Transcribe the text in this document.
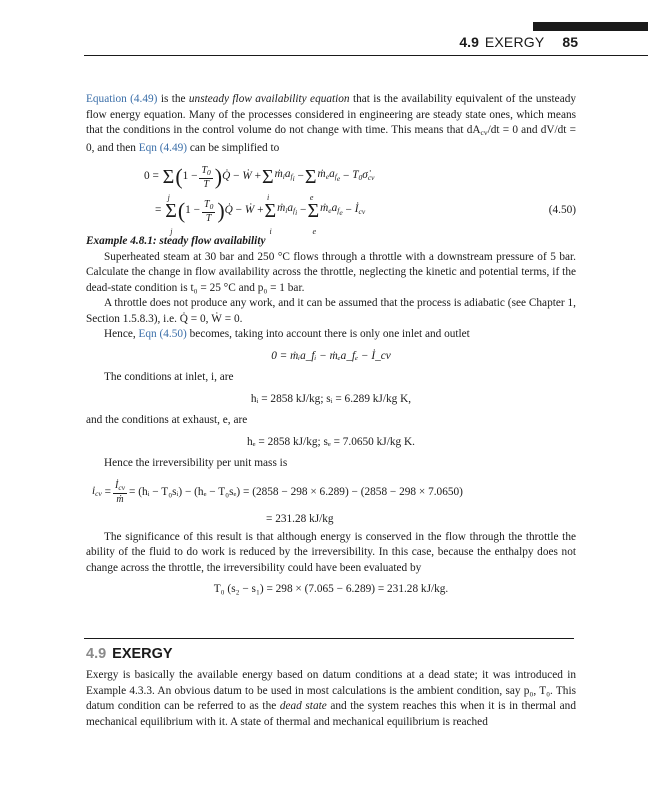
4.9 EXERGY 85

Equation (4.49) is the unsteady flow availability equation that is the availability equivalent of the unsteady flow energy equation. Many of the processes considered in engineering are steady state ones, which means that the conditions in the control volume do not change with time. This means that $dA_{cv}/dt = 0$ and dV/dt = 0, and then Eqn (4.49) can be simplified to

0 =
Σ
j
( $1 - \frac{T_0}{T}$ ) Q̇ − Ẇ + Σ
i
$ṁ_ia_{f_i} - \Sigma$
e
$ṁ_ea_{f_e}$ − $T_0\sigmȧ_{cv}$
=
Σ
j
( $1 - \frac{T_0}{T}$ ) Q̇ − Ẇ + Σ
i
$ṁ_ia_{f_i} - \Sigma$
e
$ṁ_ea_{f_e}$ − $İ_{cv}$	(4.50)

Example 4.8.1: steady flow availability

Superheated steam at 30 bar and 250 °C flows through a throttle with a downstream pressure of 5 bar. Calculate the change in flow availability across the throttle, neglecting the kinetic and potential terms, if the dead-state condition is t₀ = 25 °C and p₀ = 1 bar.

A throttle does not produce any work, and it can be assumed that the process is adiabatic (see Chapter 1, Section 1.5.8.3), i.e. Q̇ = 0, Ẇ = 0.

Hence, Eqn (4.50) becomes, taking into account there is only one inlet and outlet

0 = ṁᵢa_fᵢ − ṁₑa_fₑ − İ_cv

The conditions at inlet, i, are

hᵢ = 2858 kJ/kg; sᵢ = 6.289 kJ/kg K,

and the conditions at exhaust, e, are

hₑ = 2858 kJ/kg; sₑ = 7.0650 kJ/kg K.

Hence the irreversibility per unit mass is

$i_{cv} = \frac{İ_{cv}}{\text{ṁ}}$ = (hᵢ − T₀sᵢ) − (hₑ − T₀sₑ) = (2858 − 298 × 6.289) − (2858 − 298 × 7.0650)
= 231.28 kJ/kg

The significance of this result is that although energy is conserved in the flow through the throttle the ability of the fluid to do work is reduced by the irreversibility. In this case, because the enthalpy does not change across the throttle, the irreversibility could have been evaluated by

T₀ (s₂ − s₁) = 298 × (7.065 − 6.289) = 231.28 kJ/kg.
4.9 EXERGY

Exergy is basically the available energy based on datum conditions at a dead state; it was introduced in Example 4.3.3. An obvious datum to be used in most calculations is the ambient condition, say p₀, T₀. This datum condition can be referred to as the dead state and the system reaches this when it is in thermal and mechanical equilibrium with it. A state of thermal and mechanical equilibrium is reached
